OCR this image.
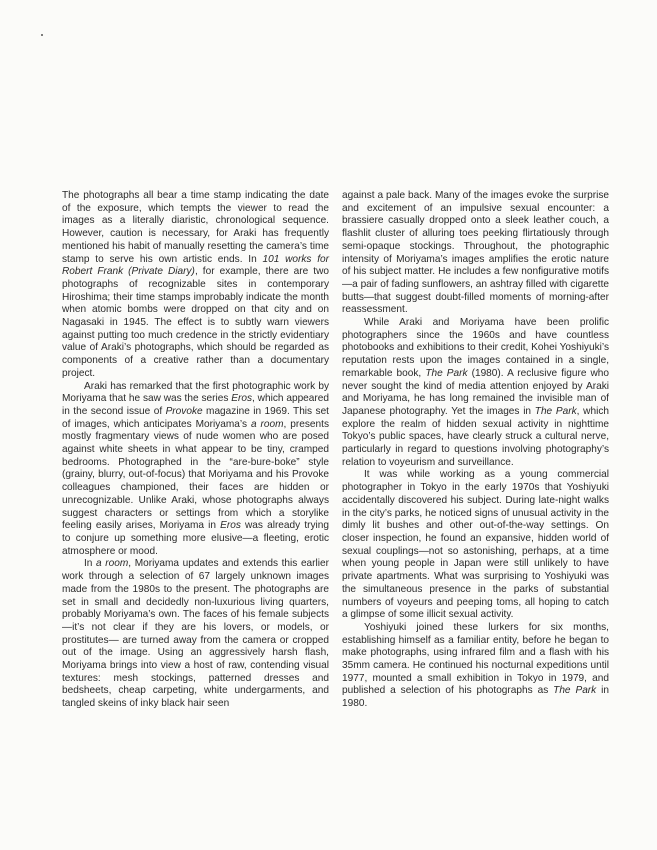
The photographs all bear a time stamp indicating the date of the exposure, which tempts the viewer to read the images as a literally diaristic, chronological sequence. However, caution is necessary, for Araki has frequently mentioned his habit of manually resetting the camera’s time stamp to serve his own artistic ends. In 101 works for Robert Frank (Private Diary), for example, there are two photographs of recognizable sites in contemporary Hiroshima; their time stamps improbably indicate the month when atomic bombs were dropped on that city and on Nagasaki in 1945. The effect is to subtly warn viewers against putting too much credence in the strictly evidentiary value of Araki’s photographs, which should be regarded as components of a creative rather than a documentary project.

Araki has remarked that the first photographic work by Moriyama that he saw was the series Eros, which appeared in the second issue of Provoke magazine in 1969. This set of images, which anticipates Moriyama’s a room, presents mostly fragmentary views of nude women who are posed against white sheets in what appear to be tiny, cramped bedrooms. Photographed in the “are-bure-boke” style (grainy, blurry, out-of-focus) that Moriyama and his Provoke colleagues championed, their faces are hidden or unrecognizable. Unlike Araki, whose photographs always suggest characters or settings from which a storylike feeling easily arises, Moriyama in Eros was already trying to conjure up something more elusive—a fleeting, erotic atmosphere or mood.

In a room, Moriyama updates and extends this earlier work through a selection of 67 largely unknown images made from the 1980s to the present. The photographs are set in small and decidedly non-luxurious living quarters, probably Moriyama’s own. The faces of his female subjects—it’s not clear if they are his lovers, or models, or prostitutes— are turned away from the camera or cropped out of the image. Using an aggressively harsh flash, Moriyama brings into view a host of raw, contending visual textures: mesh stockings, patterned dresses and bedsheets, cheap carpeting, white undergarments, and tangled skeins of inky black hair seen

against a pale back. Many of the images evoke the surprise and excitement of an impulsive sexual encounter: a brassiere casually dropped onto a sleek leather couch, a flashlit cluster of alluring toes peeking flirtatiously through semi-opaque stockings. Throughout, the photographic intensity of Moriyama’s images amplifies the erotic nature of his subject matter. He includes a few nonfigurative motifs—a pair of fading sunflowers, an ashtray filled with cigarette butts—that suggest doubt-filled moments of morning-after reassessment.

While Araki and Moriyama have been prolific photographers since the 1960s and have countless photobooks and exhibitions to their credit, Kohei Yoshiyuki’s reputation rests upon the images contained in a single, remarkable book, The Park (1980). A reclusive figure who never sought the kind of media attention enjoyed by Araki and Moriyama, he has long remained the invisible man of Japanese photography. Yet the images in The Park, which explore the realm of hidden sexual activity in nighttime Tokyo’s public spaces, have clearly struck a cultural nerve, particularly in regard to questions involving photography’s relation to voyeurism and surveillance.

It was while working as a young commercial photographer in Tokyo in the early 1970s that Yoshiyuki accidentally discovered his subject. During late-night walks in the city’s parks, he noticed signs of unusual activity in the dimly lit bushes and other out-of-the-way settings. On closer inspection, he found an expansive, hidden world of sexual couplings—not so astonishing, perhaps, at a time when young people in Japan were still unlikely to have private apartments. What was surprising to Yoshiyuki was the simultaneous presence in the parks of substantial numbers of voyeurs and peeping toms, all hoping to catch a glimpse of some illicit sexual activity.

Yoshiyuki joined these lurkers for six months, establishing himself as a familiar entity, before he began to make photographs, using infrared film and a flash with his 35mm camera. He continued his nocturnal expeditions until 1977, mounted a small exhibition in Tokyo in 1979, and published a selection of his photographs as The Park in 1980.
